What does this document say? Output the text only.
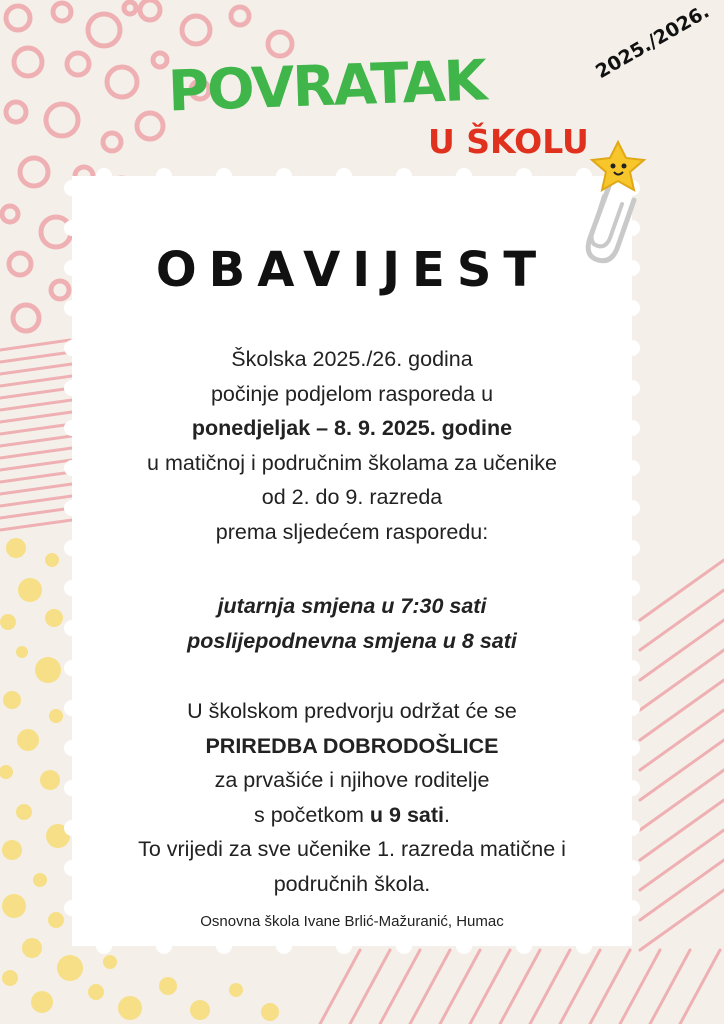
POVRATAK
U ŠKOLU
2025./2026.
OBAVIJEST

Školska 2025./26. godina

počinje podjelom rasporeda u

ponedjeljak – 8. 9. 2025. godine

u matičnoj i područnim školama za učenike

od 2. do 9. razreda

prema sljedećem rasporedu:

jutarnja smjena u 7:30 sati

poslijepodnevna smjena u 8 sati

U školskom predvorju održat će se

PRIREDBA DOBRODOŠLICE

za prvašiće i njihove roditelje

s početkom u 9 sati.

To vrijedi za sve učenike 1. razreda matične i

područnih škola.

Osnovna škola Ivane Brlić-Mažuranić, Humac
